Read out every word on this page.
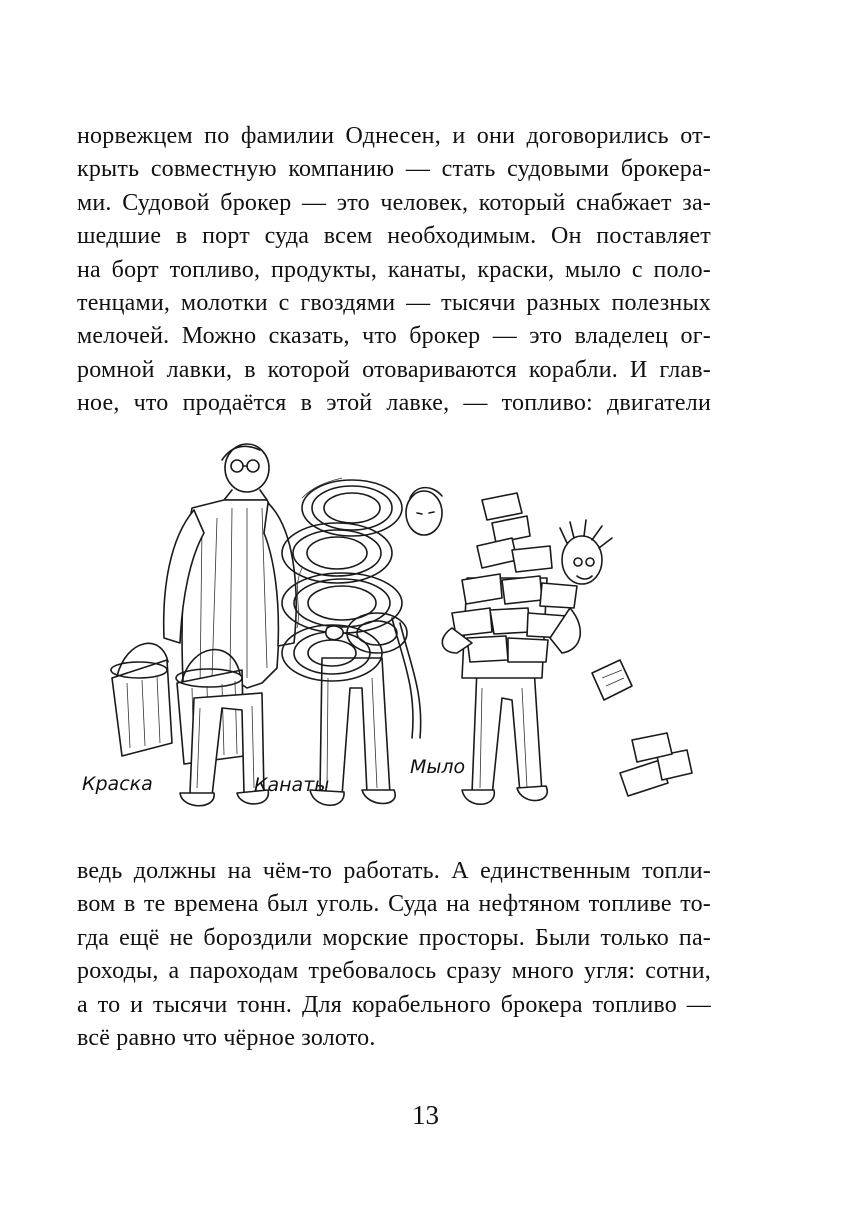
норвежцем по фамилии Однесен, и они договорились от-
крыть совместную компанию — стать судовыми брокера-
ми. Судовой брокер — это человек, который снабжает за-
шедшие в порт суда всем необходимым. Он поставляет
на борт топливо, продукты, канаты, краски, мыло с поло-
тенцами, молотки с гвоздями — тысячи разных полезных
мелочей. Можно сказать, что брокер — это владелец ог-
ромной лавки, в которой отовариваются корабли. И глав-
ное, что продаётся в этой лавке, — топливо: двигатели
Краска	Канаты
Мыло
ведь должны на чём-то работать. А единственным топли-
вом в те времена был уголь. Суда на нефтяном топливе то-
гда ещё не бороздили морские просторы. Были только па-
роходы, а пароходам требовалось сразу много угля: сотни,
а то и тысячи тонн. Для корабельного брокера топливо —
всё равно что чёрное золото.
13
